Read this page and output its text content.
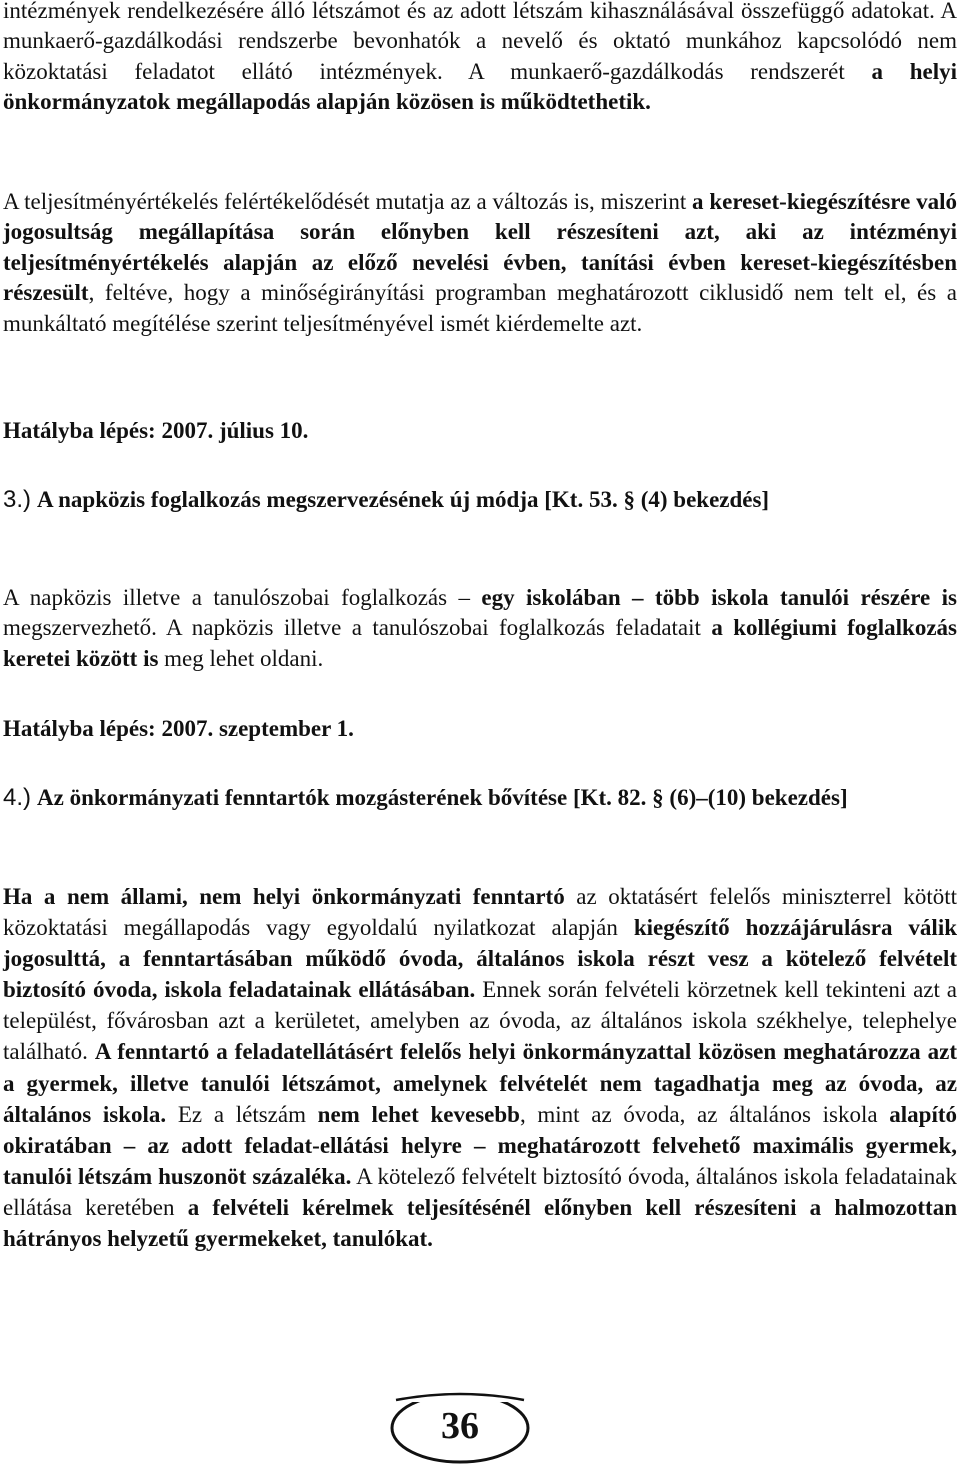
intézmények rendelkezésére álló létszámot és az adott létszám kihasználásával összefüggő adatokat. A munkaerő-gazdálkodási rendszerbe bevonhatók a nevelő és oktató munkához kapcsolódó nem közoktatási feladatot ellátó intézmények. A munkaerő-gazdálkodás rendszerét a helyi önkormányzatok megállapodás alapján közösen is működtethetik.

A teljesítményértékelés felértékelődését mutatja az a változás is, miszerint a kereset-kiegészítésre való jogosultság megállapítása során előnyben kell részesíteni azt, aki az intézményi teljesítményértékelés alapján az előző nevelési évben, tanítási évben kereset-kiegészítésben részesült, feltéve, hogy a minőségirányítási programban meghatározott ciklusidő nem telt el, és a munkáltató megítélése szerint teljesítményével ismét kiérdemelte azt.

Hatályba lépés: 2007. július 10.

3.) A napközis foglalkozás megszervezésének új módja [Kt. 53. § (4) bekezdés]

A napközis illetve a tanulószobai foglalkozás – egy iskolában – több iskola tanulói részére is megszervezhető. A napközis illetve a tanulószobai foglalkozás feladatait a kollégiumi foglalkozás keretei között is meg lehet oldani.

Hatályba lépés: 2007. szeptember 1.

4.) Az önkormányzati fenntartók mozgásterének bővítése [Kt. 82. § (6)–(10) bekezdés]

Ha a nem állami, nem helyi önkormányzati fenntartó az oktatásért felelős miniszterrel kötött közoktatási megállapodás vagy egyoldalú nyilatkozat alapján kiegészítő hozzájárulásra válik jogosulttá, a fenntartásában működő óvoda, általános iskola részt vesz a kötelező felvételt biztosító óvoda, iskola feladatainak ellátásában. Ennek során felvételi körzetnek kell tekinteni azt a települést, fővárosban azt a kerületet, amelyben az óvoda, az általános iskola székhelye, telephelye található. A fenntartó a feladatellátásért felelős helyi önkormányzattal közösen meghatározza azt a gyermek, illetve tanulói létszámot, amelynek felvételét nem tagadhatja meg az óvoda, az általános iskola. Ez a létszám nem lehet kevesebb, mint az óvoda, az általános iskola alapító okiratában – az adott feladat-ellátási helyre – meghatározott felvehető maximális gyermek, tanulói létszám huszonöt százaléka. A kötelező felvételt biztosító óvoda, általános iskola feladatainak ellátása keretében a felvételi kérelmek teljesítésénél előnyben kell részesíteni a halmozottan hátrányos helyzetű gyermekeket, tanulókat.

36
